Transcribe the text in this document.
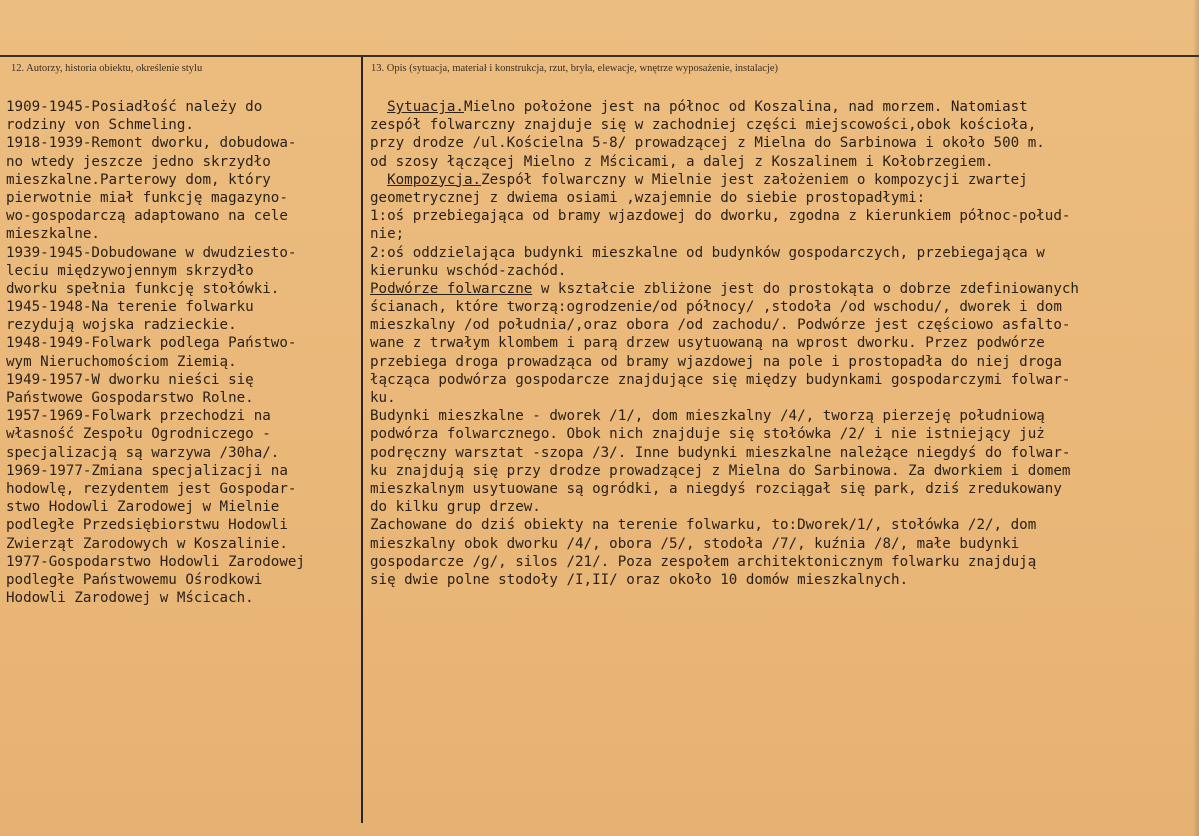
12. Autorzy, historia obiektu, określenie stylu	13. Opis (sytuacja, materiał i konstrukcja, rzut, bryła, elewacje, wnętrze wyposażenie, instalacje)
1909-1945-Posiadłość należy do
rodziny von Schmeling.
1918-1939-Remont dworku, dobudowa-
no wtedy jeszcze jedno skrzydło
mieszkalne.Parterowy dom, który
pierwotnie miał funkcję magazyno-
wo-gospodarczą adaptowano na cele
mieszkalne.
1939-1945-Dobudowane w dwudziesto-
leciu międzywojennym skrzydło
dworku spełnia funkcję stołówki.
1945-1948-Na terenie folwarku
rezydują wojska radzieckie.
1948-1949-Folwark podlega Państwo-
wym Nieruchomościom Ziemią.
1949-1957-W dworku nieści się
Państwowe Gospodarstwo Rolne.
1957-1969-Folwark przechodzi na
własność Zespołu Ogrodniczego -
specjalizacją są warzywa /30ha/.
1969-1977-Zmiana specjalizacji na
hodowlę, rezydentem jest Gospodar-
stwo Hodowli Zarodowej w Mielnie
podległe Przedsiębiorstwu Hodowli
Zwierząt Zarodowych w Koszalinie.
1977-Gospodarstwo Hodowli Zarodowej
podległe Państwowemu Ośrodkowi
Hodowli Zarodowej w Mścicach.
Sytuacja.Mielno położone jest na północ od Koszalina, nad morzem. Natomiast
zespół folwarczny znajduje się w zachodniej części miejscowości,obok kościoła,
przy drodze /ul.Kościelna 5-8/ prowadzącej z Mielna do Sarbinowa i około 500 m.
od szosy łączącej Mielno z Mścicami, a dalej z Koszalinem i Kołobrzegiem.
Kompozycja.Zespół folwarczny w Mielnie jest założeniem o kompozycji zwartej
geometrycznej z dwiema osiami ,wzajemnie do siebie prostopadłymi:
1:oś przebiegająca od bramy wjazdowej do dworku, zgodna z kierunkiem północ-połud-
nie;
2:oś oddzielająca budynki mieszkalne od budynków gospodarczych, przebiegająca w
kierunku wschód-zachód.
Podwórze folwarczne w kształcie zbliżone jest do prostokąta o dobrze zdefiniowanych
ścianach, które tworzą:ogrodzenie/od północy/ ,stodoła /od wschodu/, dworek i dom
mieszkalny /od południa/,oraz obora /od zachodu/. Podwórze jest częściowo asfalto-
wane z trwałym klombem i parą drzew usytuowaną na wprost dworku. Przez podwórze
przebiega droga prowadząca od bramy wjazdowej na pole i prostopadła do niej droga
łącząca podwórza gospodarcze znajdujące się między budynkami gospodarczymi folwar-
ku.
Budynki mieszkalne - dworek /1/, dom mieszkalny /4/, tworzą pierzeję południową
podwórza folwarcznego. Obok nich znajduje się stołówka /2/ i nie istniejący już
podręczny warsztat -szopa /3/. Inne budynki mieszkalne należące niegdyś do folwar-
ku znajdują się przy drodze prowadzącej z Mielna do Sarbinowa. Za dworkiem i domem
mieszkalnym usytuowane są ogródki, a niegdyś rozciągał się park, dziś zredukowany
do kilku grup drzew.
Zachowane do dziś obiekty na terenie folwarku, to:Dworek/1/, stołówka /2/, dom
mieszkalny obok dworku /4/, obora /5/, stodoła /7/, kuźnia /8/, małe budynki
gospodarcze /g/, silos /21/. Poza zespołem architektonicznym folwarku znajdują
się dwie polne stodoły /I,II/ oraz około 10 domów mieszkalnych.
